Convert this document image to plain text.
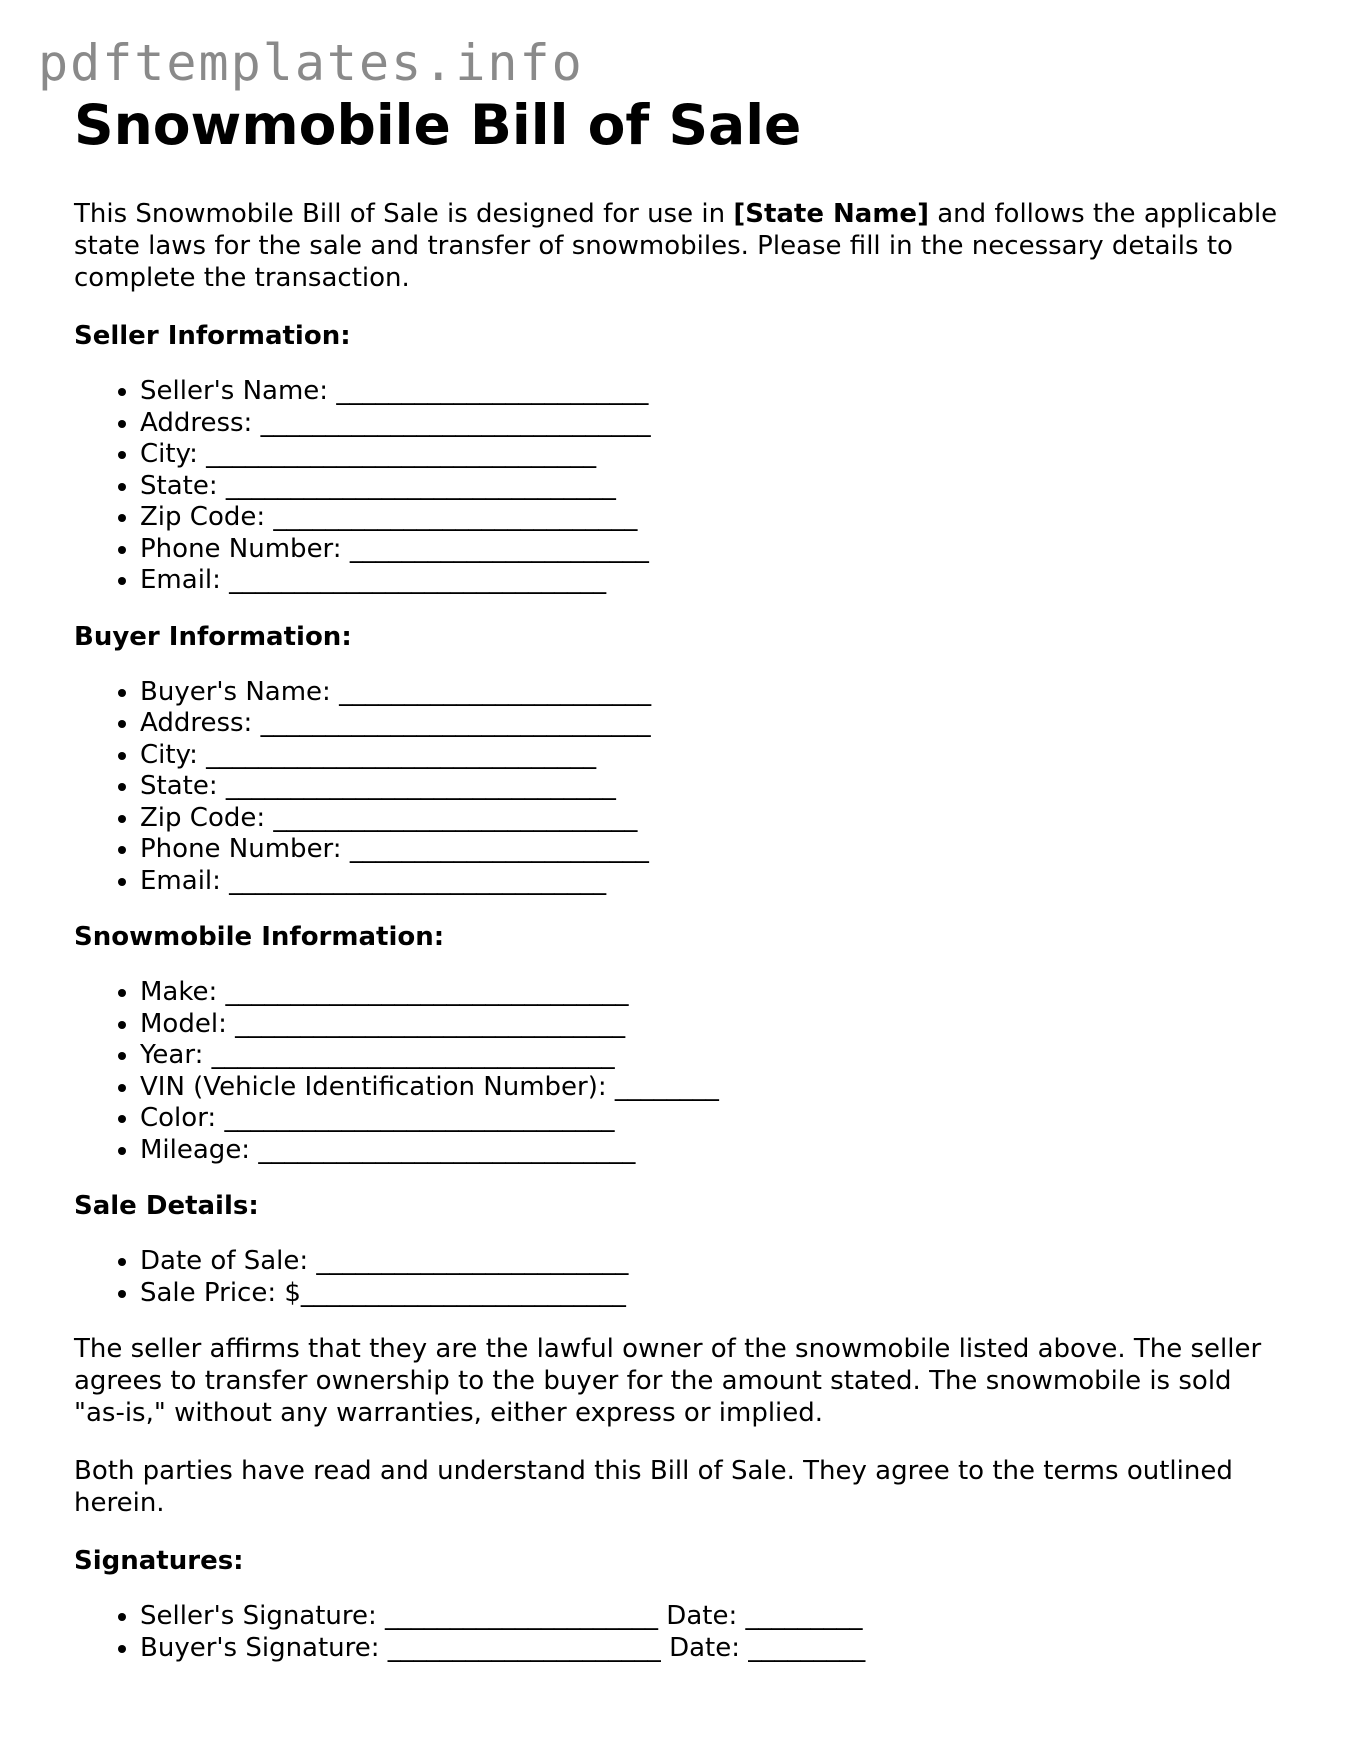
pdftemplates.info
Snowmobile Bill of Sale

This Snowmobile Bill of Sale is designed for use in [State Name] and follows the applicable state laws for the sale and transfer of snowmobiles. Please fill in the necessary details to complete the transaction.

Seller Information:
• Seller's Name: ________________________
• Address: ______________________________
• City: ______________________________
• State: ______________________________
• Zip Code: ____________________________
• Phone Number: _______________________
• Email: _____________________________
Buyer Information:
• Buyer's Name: ________________________
• Address: ______________________________
• City: ______________________________
• State: ______________________________
• Zip Code: ____________________________
• Phone Number: _______________________
• Email: _____________________________
Snowmobile Information:
• Make: _______________________________
• Model: ______________________________
• Year: _______________________________
• VIN (Vehicle Identification Number): ________
• Color: ______________________________
• Mileage: _____________________________
Sale Details:
• Date of Sale: ________________________
• Sale Price: $_________________________

The seller affirms that they are the lawful owner of the snowmobile listed above. The seller agrees to transfer ownership to the buyer for the amount stated. The snowmobile is sold "as-is," without any warranties, either express or implied.

Both parties have read and understand this Bill of Sale. They agree to the terms outlined herein.

Signatures:
• Seller's Signature: _____________________ Date: _________
• Buyer's Signature: _____________________ Date: _________
